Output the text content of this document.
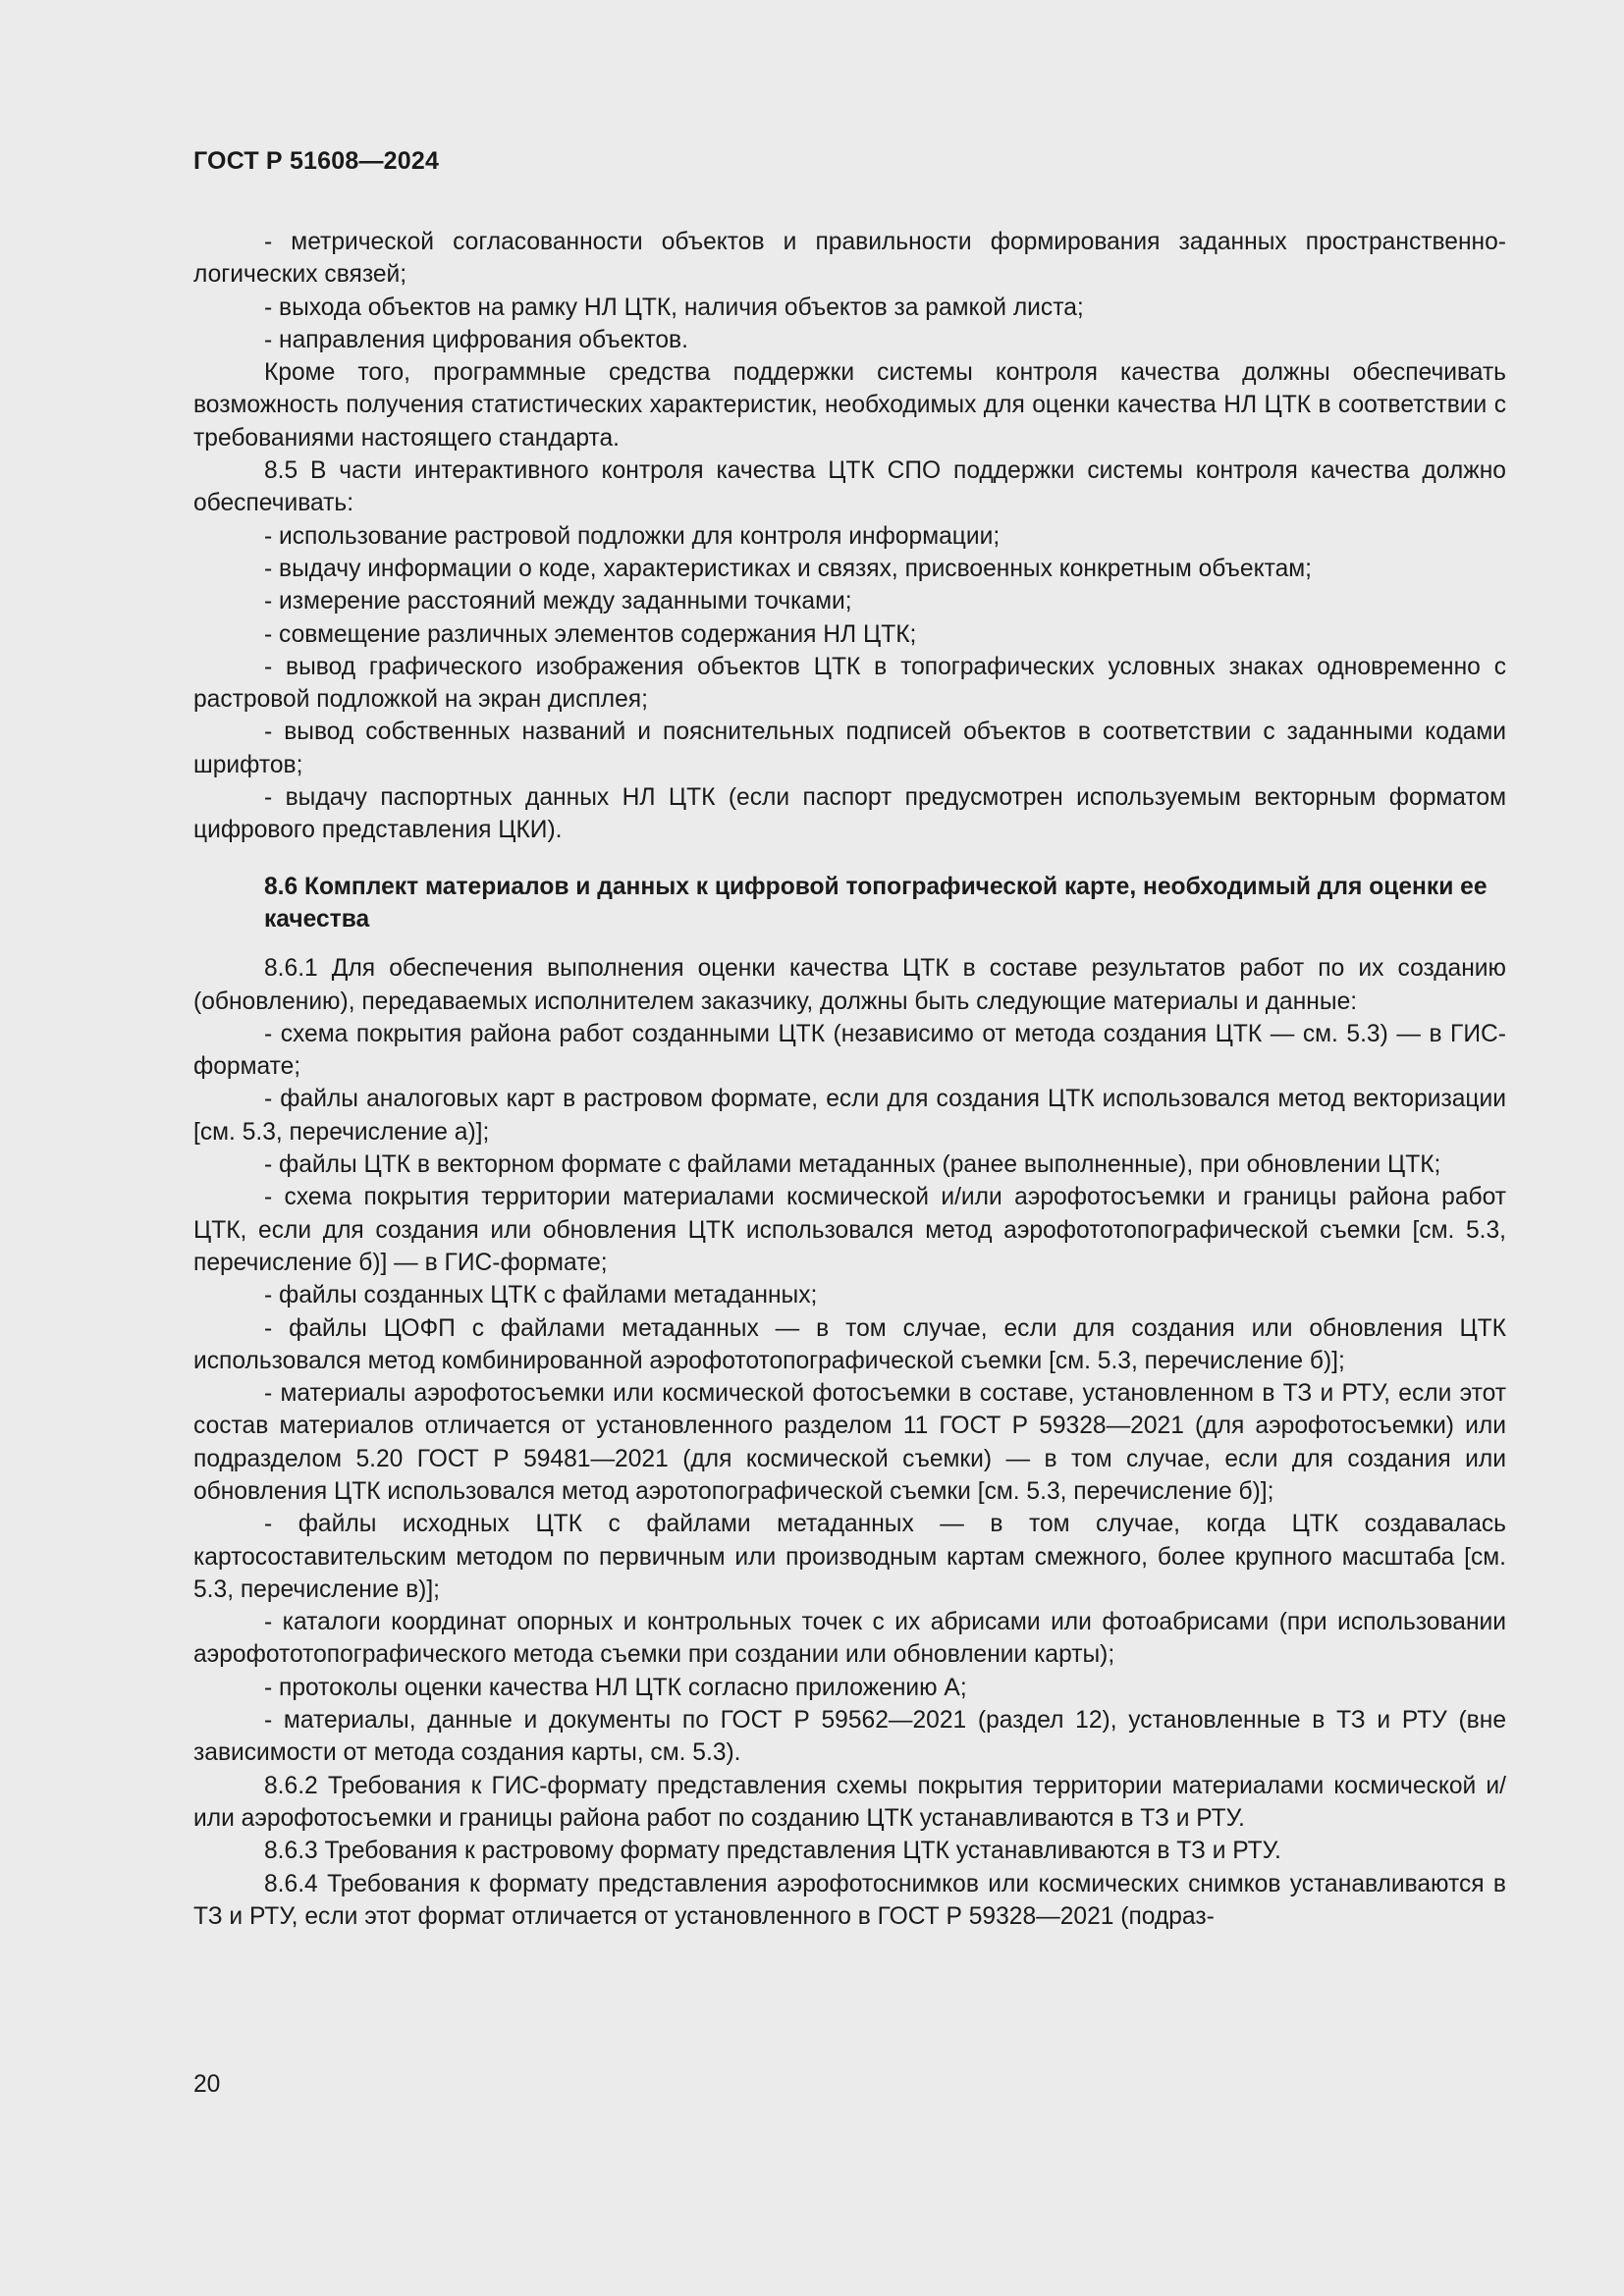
ГОСТ Р 51608—2024

- метрической согласованности объектов и правильности формирования заданных пространственно-логических связей;

- выхода объектов на рамку НЛ ЦТК, наличия объектов за рамкой листа;

- направления цифрования объектов.

Кроме того, программные средства поддержки системы контроля качества должны обеспечивать возможность получения статистических характеристик, необходимых для оценки качества НЛ ЦТК в соответствии с требованиями настоящего стандарта.

8.5 В части интерактивного контроля качества ЦТК СПО поддержки системы контроля качества должно обеспечивать:

- использование растровой подложки для контроля информации;

- выдачу информации о коде, характеристиках и связях, присвоенных конкретным объектам;

- измерение расстояний между заданными точками;

- совмещение различных элементов содержания НЛ ЦТК;

- вывод графического изображения объектов ЦТК в топографических условных знаках одновременно с растровой подложкой на экран дисплея;

- вывод собственных названий и пояснительных подписей объектов в соответствии с заданными кодами шрифтов;

- выдачу паспортных данных НЛ ЦТК (если паспорт предусмотрен используемым векторным форматом цифрового представления ЦКИ).

8.6 Комплект материалов и данных к цифровой топографической карте, необходимый для оценки ее качества

8.6.1 Для обеспечения выполнения оценки качества ЦТК в составе результатов работ по их созданию (обновлению), передаваемых исполнителем заказчику, должны быть следующие материалы и данные:

- схема покрытия района работ созданными ЦТК (независимо от метода создания ЦТК — см. 5.3) — в ГИС-формате;

- файлы аналоговых карт в растровом формате, если для создания ЦТК использовался метод векторизации [см. 5.3, перечисление а)];

- файлы ЦТК в векторном формате с файлами метаданных (ранее выполненные), при обновлении ЦТК;

- схема покрытия территории материалами космической и/или аэрофотосъемки и границы района работ ЦТК, если для создания или обновления ЦТК использовался метод аэрофототопографической съемки [см. 5.3, перечисление б)] — в ГИС-формате;

- файлы созданных ЦТК с файлами метаданных;

- файлы ЦОФП с файлами метаданных — в том случае, если для создания или обновления ЦТК использовался метод комбинированной аэрофототопографической съемки [см. 5.3, перечисление б)];

- материалы аэрофотосъемки или космической фотосъемки в составе, установленном в ТЗ и РТУ, если этот состав материалов отличается от установленного разделом 11 ГОСТ Р 59328—2021 (для аэрофотосъемки) или подразделом 5.20 ГОСТ Р 59481—2021 (для космической съемки) — в том случае, если для создания или обновления ЦТК использовался метод аэротопографической съемки [см. 5.3, перечисление б)];

- файлы исходных ЦТК с файлами метаданных — в том случае, когда ЦТК создавалась картосоставительским методом по первичным или производным картам смежного, более крупного масштаба [см. 5.3, перечисление в)];

- каталоги координат опорных и контрольных точек с их абрисами или фотоабрисами (при использовании аэрофототопографического метода съемки при создании или обновлении карты);

- протоколы оценки качества НЛ ЦТК согласно приложению А;

- материалы, данные и документы по ГОСТ Р 59562—2021 (раздел 12), установленные в ТЗ и РТУ (вне зависимости от метода создания карты, см. 5.3).

8.6.2 Требования к ГИС-формату представления схемы покрытия территории материалами космической и/или аэрофотосъемки и границы района работ по созданию ЦТК устанавливаются в ТЗ и РТУ.

8.6.3 Требования к растровому формату представления ЦТК устанавливаются в ТЗ и РТУ.

8.6.4 Требования к формату представления аэрофотоснимков или космических снимков устанавливаются в ТЗ и РТУ, если этот формат отличается от установленного в ГОСТ Р 59328—2021 (подраз-

20
